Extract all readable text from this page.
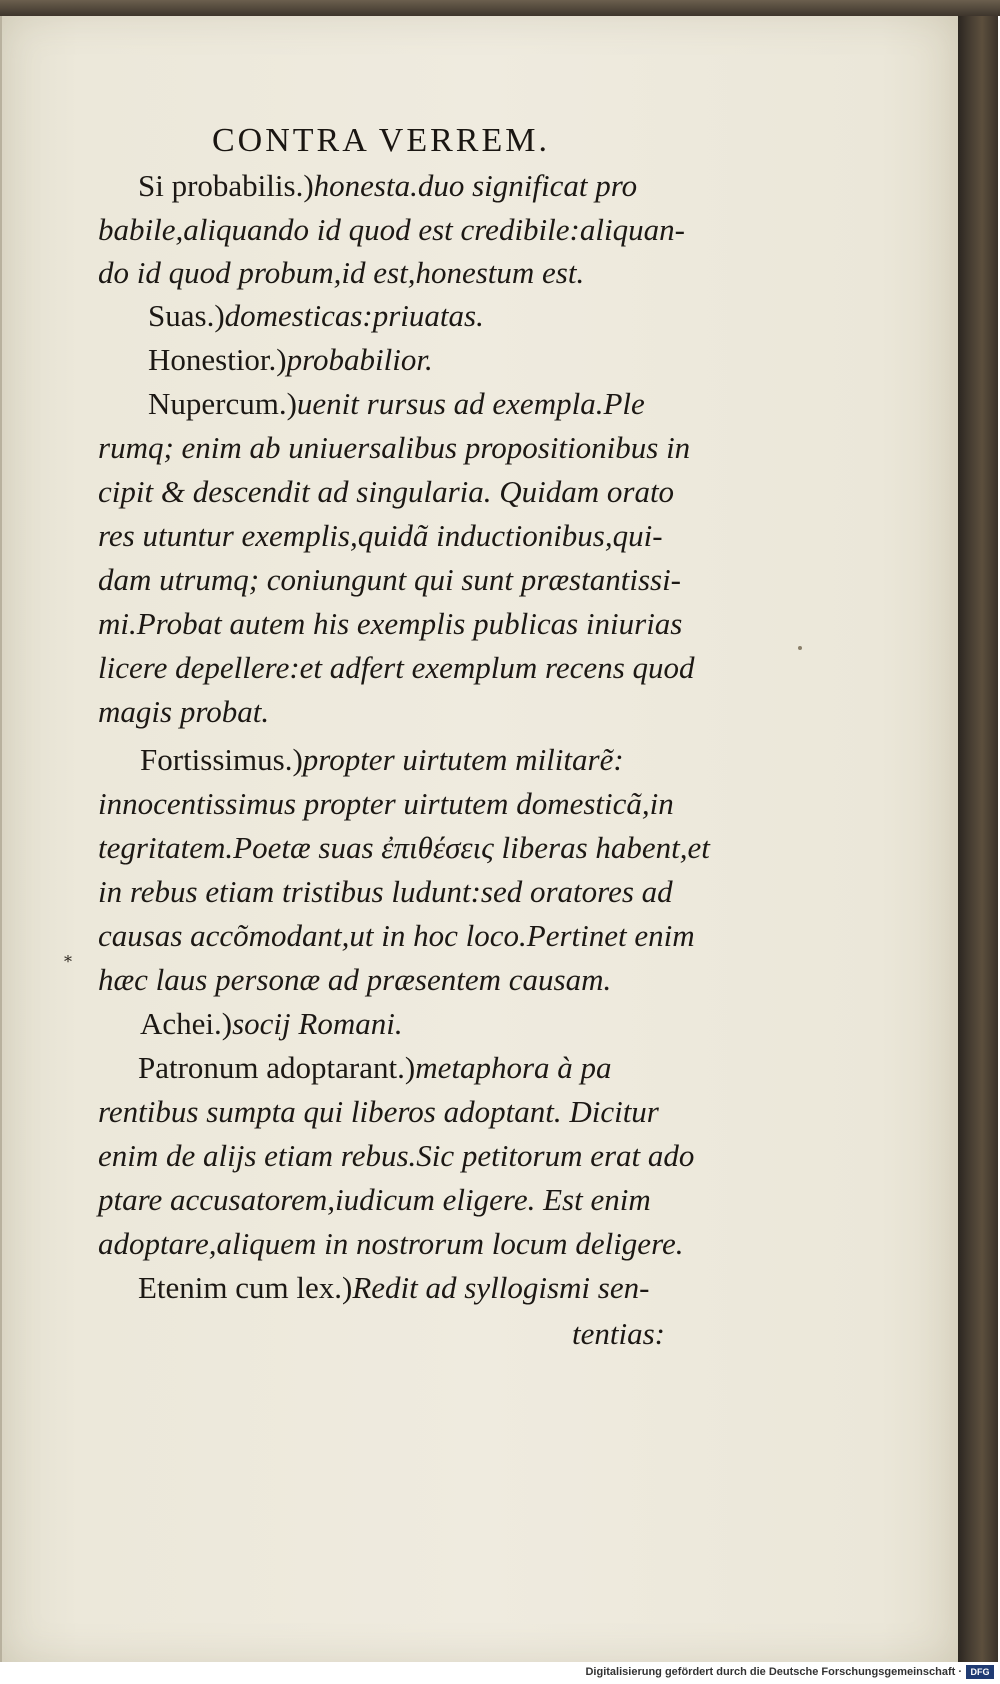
CONTRA VERREM.
Si probabilis.)honesta.duo significat pro
babile,aliquando id quod est credibile:aliquan-
do id quod probum,id est,honestum est.
Suas.)domesticas:priuatas.
Honestior.)probabilior.
Nupercum.)uenit rursus ad exempla.Ple
rumq; enim ab uniuersalibus propositionibus in
cipit & descendit ad singularia. Quidam orato
res utuntur exemplis,quidã inductionibus,qui-
dam utrumq; coniungunt qui sunt præstantissi-
mi.Probat autem his exemplis publicas iniurias
licere depellere:et adfert exemplum recens quod
magis probat.
Fortissimus.)propter uirtutem militarẽ:
innocentissimus propter uirtutem domesticã,in
tegritatem.Poetæ suas ἐπιθέσεις liberas habent,et
in rebus etiam tristibus ludunt:sed oratores ad
causas accõmodant,ut in hoc loco.Pertinet enim
hæc laus personæ ad præsentem causam.
Achei.)socij Romani.
Patronum adoptarant.)metaphora à pa
rentibus sumpta qui liberos adoptant. Dicitur
enim de alijs etiam rebus.Sic petitorum erat ado
ptare accusatorem,iudicum eligere. Est enim
adoptare,aliquem in nostrorum locum deligere.
Etenim cum lex.)Redit ad syllogismi sen-
tentias:
*
Digitalisierung gefördert durch die Deutsche Forschungsgemeinschaft · DFG
